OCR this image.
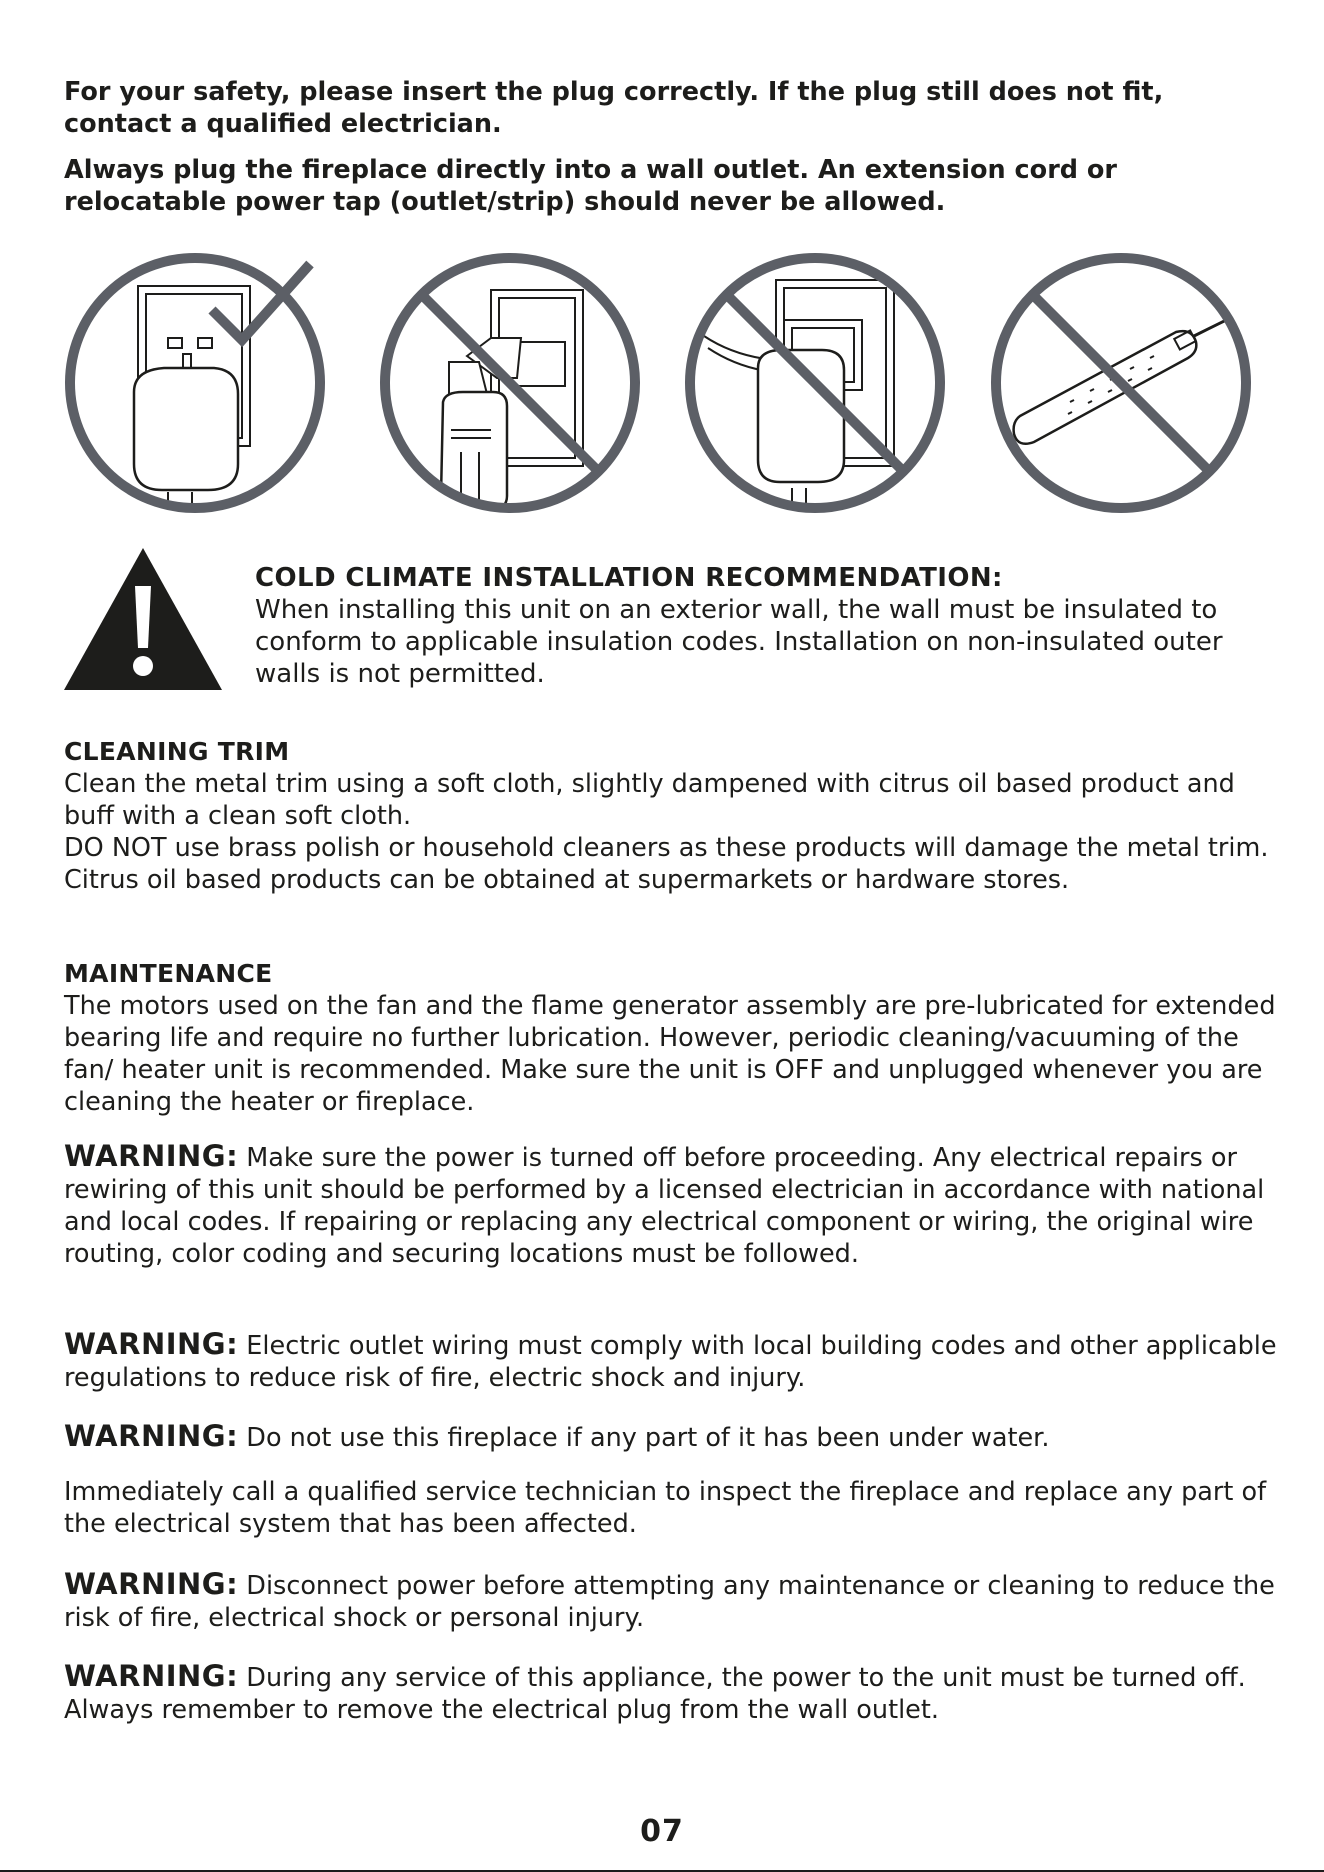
For your safety, please insert the plug correctly. If the plug still does not fit, contact a qualified electrician.

Always plug the fireplace directly into a wall outlet. An extension cord or relocatable power tap (outlet/strip) should never be allowed.

COLD CLIMATE INSTALLATION RECOMMENDATION:
When installing this unit on an exterior wall, the wall must be insulated to conform to applicable insulation codes. Installation on non-insulated outer walls is not permitted.

CLEANING TRIM

Clean the metal trim using a soft cloth, slightly dampened with citrus oil based product and buff with a clean soft cloth.

DO NOT use brass polish or household cleaners as these products will damage the metal trim.

Citrus oil based products can be obtained at supermarkets or hardware stores.

MAINTENANCE

The motors used on the fan and the flame generator assembly are pre-lubricated for extended bearing life and require no further lubrication. However, periodic cleaning/vacuuming of the fan/ heater unit is recommended. Make sure the unit is OFF and unplugged whenever you are cleaning the heater or fireplace.

WARNING: Make sure the power is turned off before proceeding. Any electrical repairs or rewiring of this unit should be performed by a licensed electrician in accordance with national and local codes. If repairing or replacing any electrical component or wiring, the original wire routing, color coding and securing locations must be followed.
WARNING: Electric outlet wiring must comply with local building codes and other applicable regulations to reduce risk of fire, electric shock and injury.
WARNING: Do not use this fireplace if any part of it has been under water.
Immediately call a qualified service technician to inspect the fireplace and replace any part of the electrical system that has been affected.
WARNING: Disconnect power before attempting any maintenance or cleaning to reduce the risk of fire, electrical shock or personal injury.
WARNING: During any service of this appliance, the power to the unit must be turned off. Always remember to remove the electrical plug from the wall outlet.
07
